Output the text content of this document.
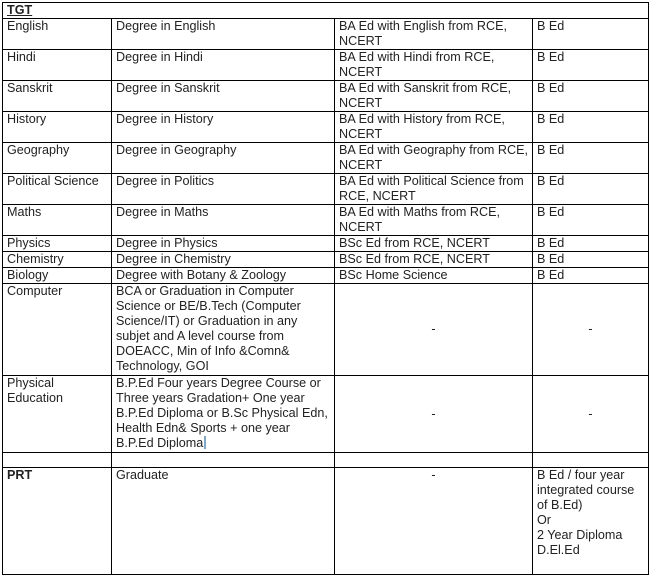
TGT			
English	Degree in English	BA Ed with English from RCE, NCERT	B Ed
Hindi	Degree in Hindi	BA Ed with Hindi from RCE, NCERT	B Ed
Sanskrit	Degree in Sanskrit	BA Ed with Sanskrit from RCE, NCERT	B Ed
History	Degree in History	BA Ed with History from RCE, NCERT	B Ed
Geography	Degree in Geography	BA Ed with Geography from RCE, NCERT	B Ed
Political Science	Degree in Politics	BA Ed with Political Science from RCE, NCERT	B Ed
Maths	Degree in Maths	BA Ed with Maths from RCE, NCERT	B Ed
Physics	Degree in Physics	BSc Ed from RCE, NCERT	B Ed
Chemistry	Degree in Chemistry	BSc Ed from RCE, NCERT	B Ed
Biology	Degree with Botany & Zoology	BSc Home Science	B Ed
Computer	BCA or Graduation in Computer Science or BE/B.Tech (Computer Science/IT) or Graduation in any subjet and A level course from DOEACC, Min of Info &Comn& Technology, GOI	-	-
Physical Education	B.P.Ed Four years Degree Course or Three years Gradation+ One year B.P.Ed Diploma or B.Sc Physical Edn, Health Edn& Sports + one year B.P.Ed Diploma	-	-

PRT	Graduate	-	B Ed / four year integrated course of B.Ed)
Or
2 Year Diploma D.El.Ed
